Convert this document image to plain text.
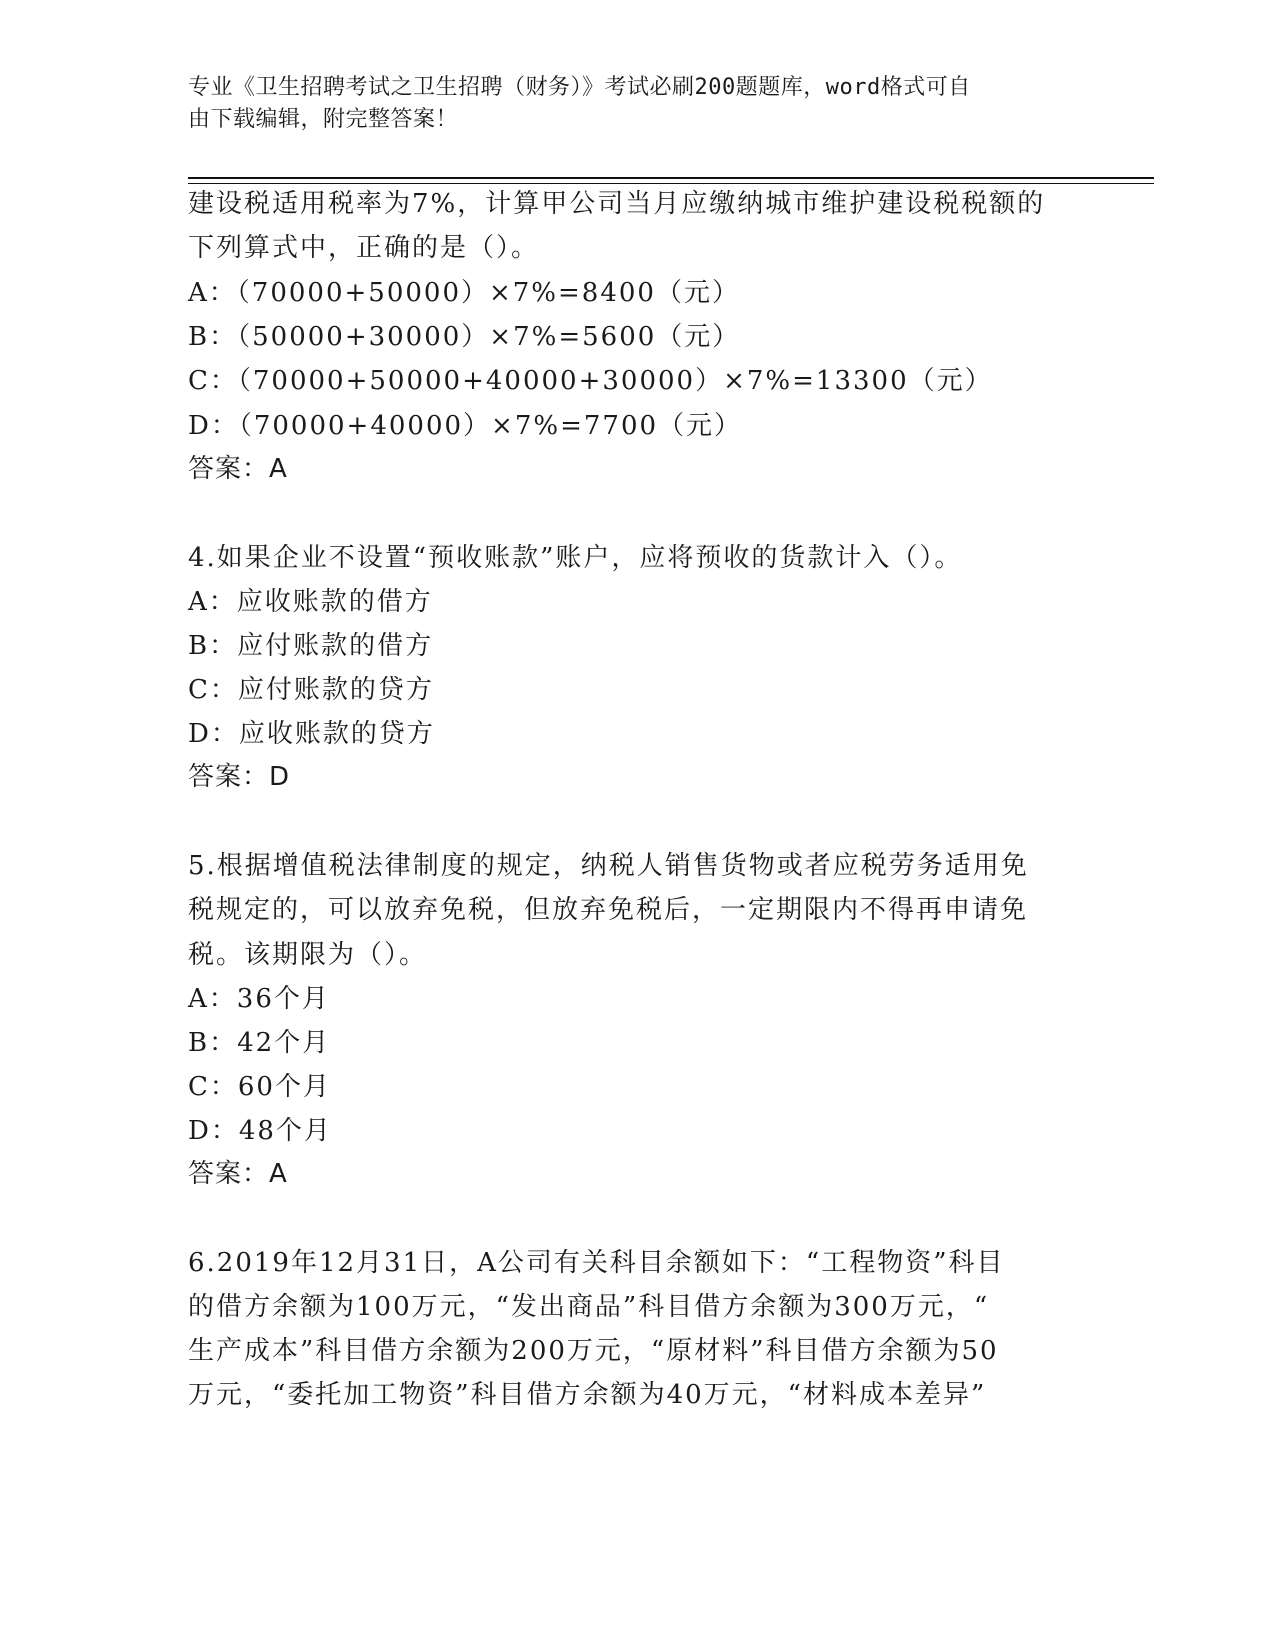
专业《卫生招聘考试之卫生招聘（财务）》考试必刷200题题库，word格式可自
由下载编辑，附完整答案！
建设税适用税率为7%，计算甲公司当月应缴纳城市维护建设税税额的
下列算式中，正确的是（）。
A：（70000+50000）×7%=8400（元）
B：（50000+30000）×7%=5600（元）
C：（70000+50000+40000+30000）×7%=13300（元）
D：（70000+40000）×7%=7700（元）
答案：A
4.如果企业不设置“预收账款”账户，应将预收的货款计入（）。
A：应收账款的借方
B：应付账款的借方
C：应付账款的贷方
D：应收账款的贷方
答案：D
5.根据增值税法律制度的规定，纳税人销售货物或者应税劳务适用免
税规定的，可以放弃免税，但放弃免税后，一定期限内不得再申请免
税。该期限为（）。
A：36个月
B：42个月
C：60个月
D：48个月
答案：A
6.2019年12月31日，A公司有关科目余额如下：“工程物资”科目
的借方余额为100万元，“发出商品”科目借方余额为300万元，“
生产成本”科目借方余额为200万元，“原材料”科目借方余额为50
万元，“委托加工物资”科目借方余额为40万元，“材料成本差异”
